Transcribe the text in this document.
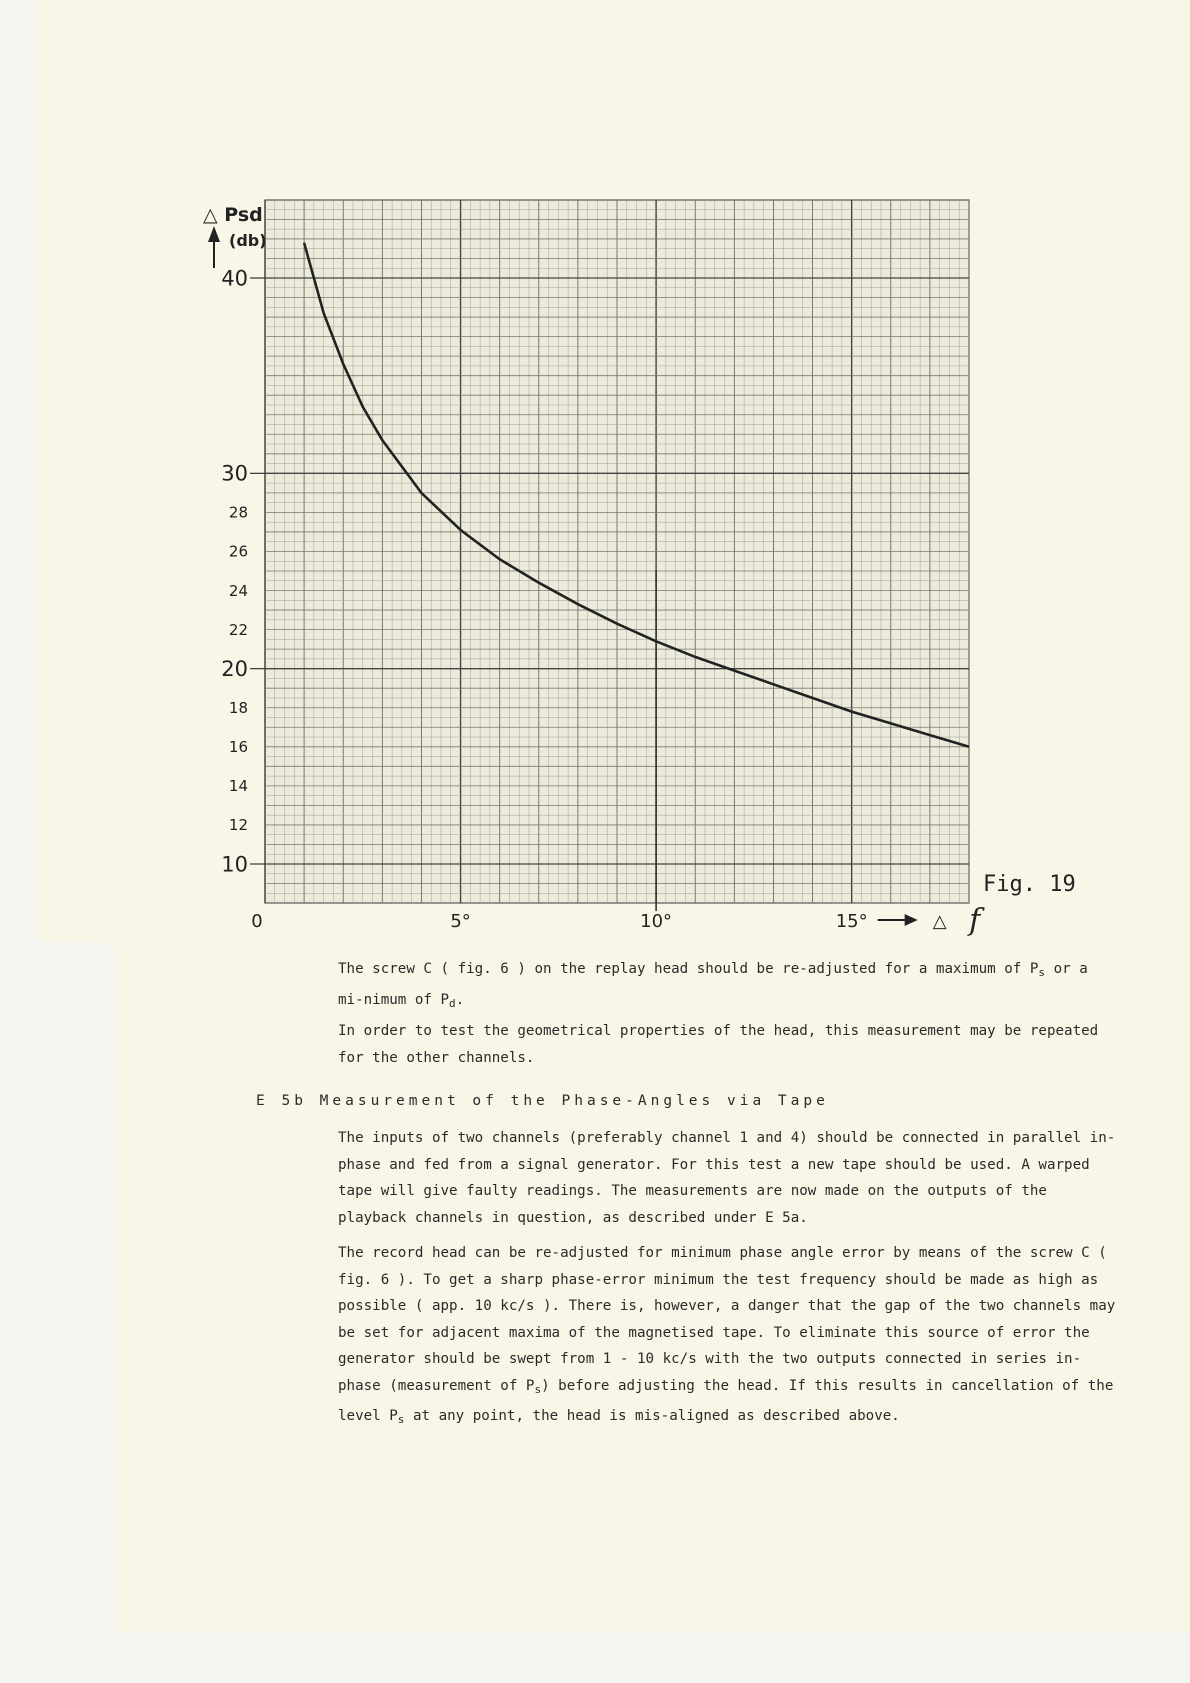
40
30
28
26
24
22
20
18
16
14
12
10
0	5°	10°	15°	△ f
△ Psd
(db)
Fig. 19

The screw C ( fig. 6 ) on the replay head should be re-adjusted for a maximum of $P_s$ or a mi-nimum of $P_d$.

In order to test the geometrical properties of the head, this measurement may be repeated for the other channels.

E 5b Measurement of the Phase-Angles via Tape

The inputs of two channels (preferably channel 1 and 4) should be connected in parallel in-phase and fed from a signal generator. For this test a new tape should be used. A warped tape will give faulty readings. The measurements are now made on the outputs of the playback channels in question, as described under E 5a.

The record head can be re-adjusted for minimum phase angle error by means of the screw C ( fig. 6 ). To get a sharp phase-error minimum the test frequency should be made as high as possible ( app. 10 kc/s ). There is, however, a danger that the gap of the two channels may be set for adjacent maxima of the magnetised tape. To eliminate this source of error the generator should be swept from 1 - 10 kc/s with the two outputs connected in series in-phase (measurement of $P_s$) before adjusting the head. If this results in cancellation of the level $P_s$ at any point, the head is mis-aligned as described above.
